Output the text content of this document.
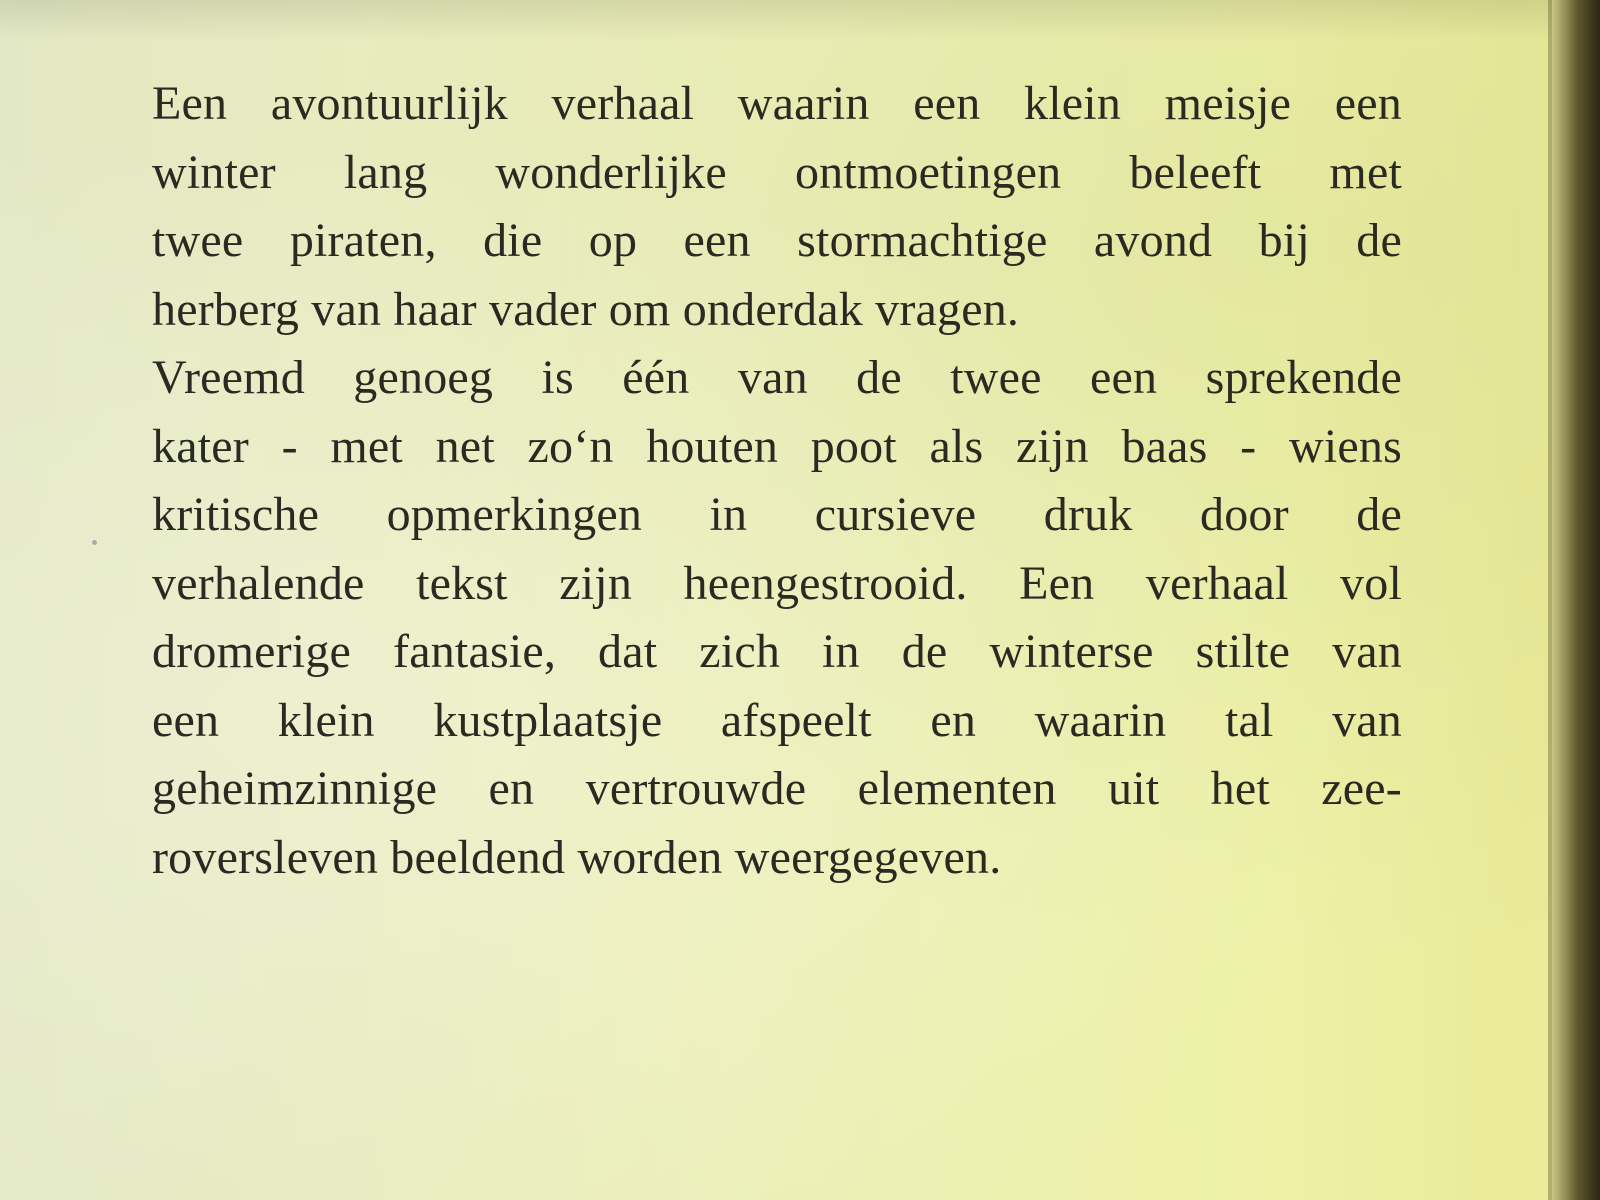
Een avontuurlijk verhaal waarin een klein meisje een
winter lang wonderlijke ontmoetingen beleeft met
twee piraten, die op een stormachtige avond bij de
herberg van haar vader om onderdak vragen.
Vreemd genoeg is één van de twee een sprekende
kater - met net zo‘n houten poot als zijn baas - wiens
kritische opmerkingen in cursieve druk door de
verhalende tekst zijn heengestrooid. Een verhaal vol
dromerige fantasie, dat zich in de winterse stilte van
een klein kustplaatsje afspeelt en waarin tal van
geheimzinnige en vertrouwde elementen uit het zee-
roversleven beeldend worden weergegeven.
